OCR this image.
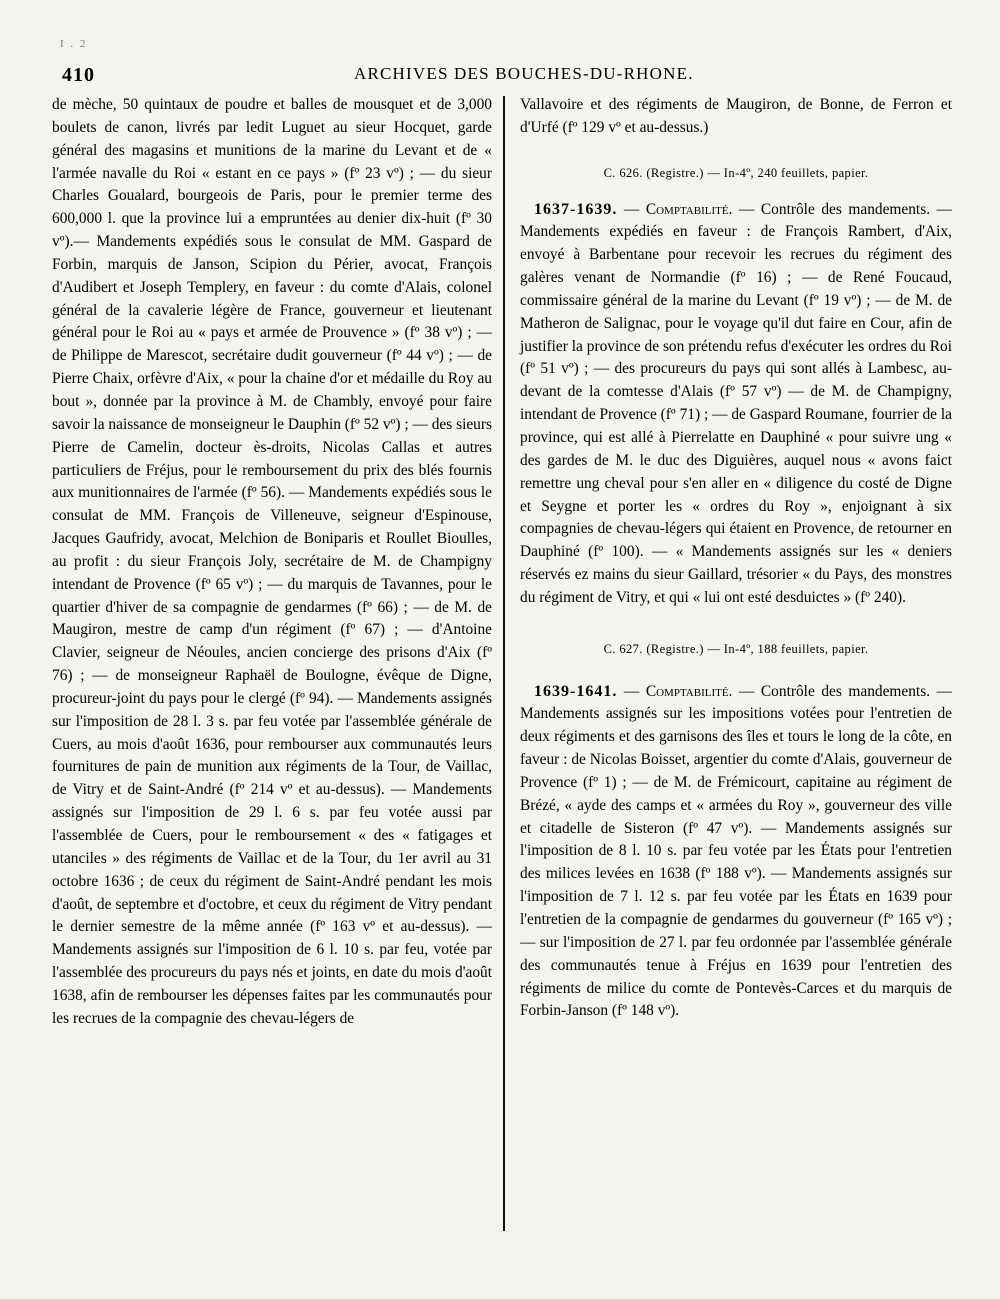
I . 2
410	ARCHIVES DES BOUCHES-DU-RHONE.

de mèche, 50 quintaux de poudre et balles de mousquet et de 3,000 boulets de canon, livrés par ledit Luguet au sieur Hocquet, garde général des magasins et munitions de la marine du Levant et de « l'armée navalle du Roi « estant en ce pays » (fº 23 vº) ; — du sieur Charles Goualard, bourgeois de Paris, pour le premier terme des 600,000 l. que la province lui a empruntées au denier dix-huit (fº 30 vº).— Mandements expédiés sous le consulat de MM. Gaspard de Forbin, marquis de Janson, Scipion du Périer, avocat, François d'Audibert et Joseph Templery, en faveur : du comte d'Alais, colonel général de la cavalerie légère de France, gouverneur et lieutenant général pour le Roi au « pays et armée de Prouvence » (fº 38 vº) ; — de Philippe de Marescot, secrétaire dudit gouverneur (fº 44 vº) ; — de Pierre Chaix, orfèvre d'Aix, « pour la chaine d'or et médaille du Roy au bout », donnée par la province à M. de Chambly, envoyé pour faire savoir la naissance de monseigneur le Dauphin (fº 52 vº) ; — des sieurs Pierre de Camelin, docteur ès-droits, Nicolas Callas et autres particuliers de Fréjus, pour le remboursement du prix des blés fournis aux munitionnaires de l'armée (fº 56). — Mandements expédiés sous le consulat de MM. François de Villeneuve, seigneur d'Espinouse, Jacques Gaufridy, avocat, Melchion de Boniparis et Roullet Bioulles, au profit : du sieur François Joly, secrétaire de M. de Champigny intendant de Provence (fº 65 vº) ; — du marquis de Tavannes, pour le quartier d'hiver de sa compagnie de gendarmes (fº 66) ; — de M. de Maugiron, mestre de camp d'un régiment (fº 67) ; — d'Antoine Clavier, seigneur de Néoules, ancien concierge des prisons d'Aix (fº 76) ; — de monseigneur Raphaël de Boulogne, évêque de Digne, procureur-joint du pays pour le clergé (fº 94). — Mandements assignés sur l'imposition de 28 l. 3 s. par feu votée par l'assemblée générale de Cuers, au mois d'août 1636, pour rembourser aux communautés leurs fournitures de pain de munition aux régiments de la Tour, de Vaillac, de Vitry et de Saint-André (fº 214 vº et au-dessus). — Mandements assignés sur l'imposition de 29 l. 6 s. par feu votée aussi par l'assemblée de Cuers, pour le remboursement « des « fatigages et utanciles » des régiments de Vaillac et de la Tour, du 1er avril au 31 octobre 1636 ; de ceux du régiment de Saint-André pendant les mois d'août, de septembre et d'octobre, et ceux du régiment de Vitry pendant le dernier semestre de la même année (fº 163 vº et au-dessus). — Mandements assignés sur l'imposition de 6 l. 10 s. par feu, votée par l'assemblée des procureurs du pays nés et joints, en date du mois d'août 1638, afin de rembourser les dépenses faites par les communautés pour les recrues de la compagnie des chevau-légers de

Vallavoire et des régiments de Maugiron, de Bonne, de Ferron et d'Urfé (fº 129 vº et au-dessus.)

C. 626. (Registre.) — In-4º, 240 feuillets, papier.

1637-1639. — Comptabilité. — Contrôle des mandements. — Mandements expédiés en faveur : de François Rambert, d'Aix, envoyé à Barbentane pour recevoir les recrues du régiment des galères venant de Normandie (fº 16) ; — de René Foucaud, commissaire général de la marine du Levant (fº 19 vº) ; — de M. de Matheron de Salignac, pour le voyage qu'il dut faire en Cour, afin de justifier la province de son prétendu refus d'exécuter les ordres du Roi (fº 51 vº) ; — des procureurs du pays qui sont allés à Lambesc, au-devant de la comtesse d'Alais (fº 57 vº) — de M. de Champigny, intendant de Provence (fº 71) ; — de Gaspard Roumane, fourrier de la province, qui est allé à Pierrelatte en Dauphiné « pour suivre ung « des gardes de M. le duc des Diguières, auquel nous « avons faict remettre ung cheval pour s'en aller en « diligence du costé de Digne et Seygne et porter les « ordres du Roy », enjoignant à six compagnies de chevau-légers qui étaient en Provence, de retourner en Dauphiné (fº 100). — « Mandements assignés sur les « deniers réservés ez mains du sieur Gaillard, trésorier « du Pays, des monstres du régiment de Vitry, et qui « lui ont esté desduictes » (fº 240).

C. 627. (Registre.) — In-4º, 188 feuillets, papier.

1639-1641. — Comptabilité. — Contrôle des mandements. — Mandements assignés sur les impositions votées pour l'entretien de deux régiments et des garnisons des îles et tours le long de la côte, en faveur : de Nicolas Boisset, argentier du comte d'Alais, gouverneur de Provence (fº 1) ; — de M. de Frémicourt, capitaine au régiment de Brézé, « ayde des camps et « armées du Roy », gouverneur des ville et citadelle de Sisteron (fº 47 vº). — Mandements assignés sur l'imposition de 8 l. 10 s. par feu votée par les États pour l'entretien des milices levées en 1638 (fº 188 vº). — Mandements assignés sur l'imposition de 7 l. 12 s. par feu votée par les États en 1639 pour l'entretien de la compagnie de gendarmes du gouverneur (fº 165 vº) ; — sur l'imposition de 27 l. par feu ordonnée par l'assemblée générale des communautés tenue à Fréjus en 1639 pour l'entretien des régiments de milice du comte de Pontevès-Carces et du marquis de Forbin-Janson (fº 148 vº).
